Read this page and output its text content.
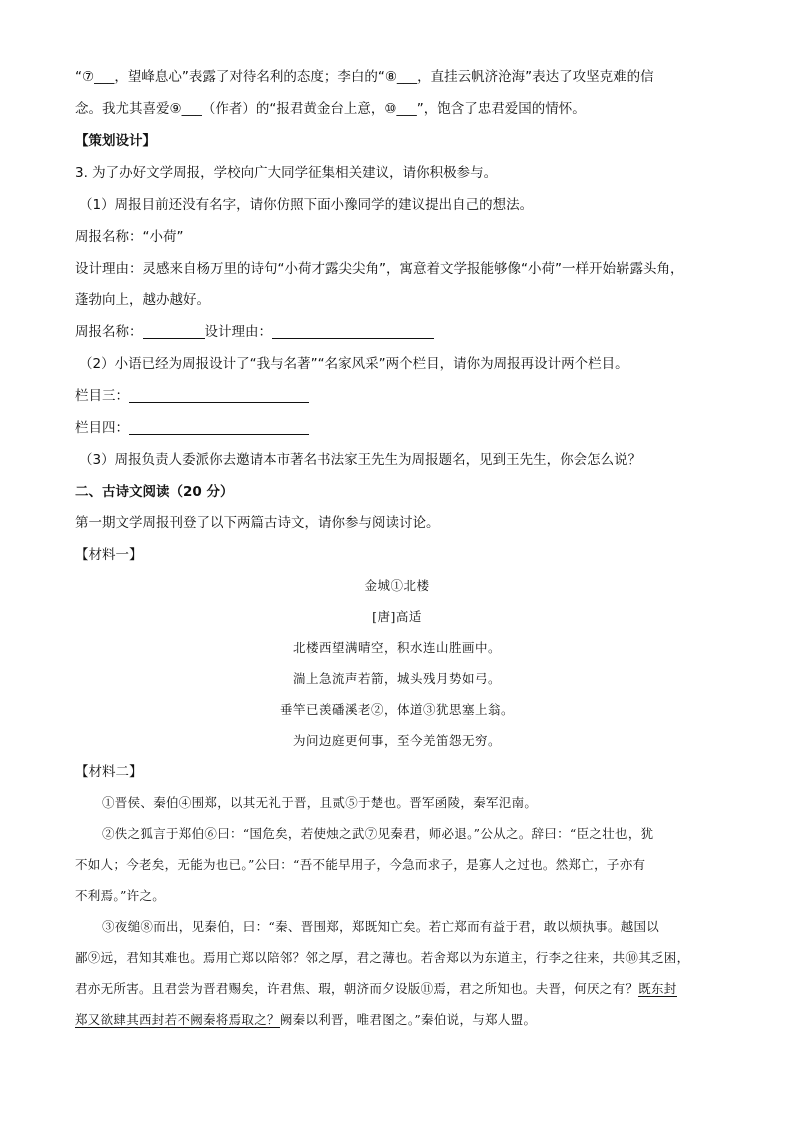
“⑦___，望峰息心”表露了对待名利的态度；李白的“⑧___，直挂云帆济沧海”表达了攻坚克难的信
念。我尤其喜爱⑨___（作者）的“报君黄金台上意，⑩___”，饱含了忠君爱国的情怀。
【策划设计】
3. 为了办好文学周报，学校向广大同学征集相关建议，请你积极参与。
（1）周报目前还没有名字，请你仿照下面小豫同学的建议提出自己的想法。
周报名称：“小荷”
设计理由：灵感来自杨万里的诗句“小荷才露尖尖角”，寓意着文学报能够像“小荷”一样开始崭露头角，
蓬勃向上，越办越好。
周报名称：	设计理由：
（2）小语已经为周报设计了“我与名著”“名家风采”两个栏目，请你为周报再设计两个栏目。
栏目三：
栏目四：
（3）周报负责人委派你去邀请本市著名书法家王先生为周报题名，见到王先生，你会怎么说？
二、古诗文阅读（20 分）
第一期文学周报刊登了以下两篇古诗文，请你参与阅读讨论。
【材料一】
金城①北楼
[唐]高适
北楼西望满晴空，积水连山胜画中。
湍上急流声若箭，城头残月势如弓。
垂竿已羡磻溪老②，体道③犹思塞上翁。
为问边庭更何事，至今羌笛怨无穷。
【材料二】
①晋侯、秦伯④围郑，以其无礼于晋，且贰⑤于楚也。晋军函陵，秦军氾南。
②佚之狐言于郑伯⑥曰：“国危矣，若使烛之武⑦见秦君，师必退。”公从之。辞曰：“臣之壮也，犹
不如人；今老矣，无能为也已。”公曰：“吾不能早用子，今急而求子，是寡人之过也。然郑亡，子亦有
不利焉。”许之。
③夜缒⑧而出，见秦伯，曰：“秦、晋围郑，郑既知亡矣。若亡郑而有益于君，敢以烦执事。越国以
鄙⑨远，君知其难也。焉用亡郑以陪邻？邻之厚，君之薄也。若舍郑以为东道主，行李之往来，共⑩其乏困，
君亦无所害。且君尝为晋君赐矣，许君焦、瑕，朝济而夕设版⑪焉，君之所知也。夫晋，何厌之有？既东封
郑又欲肆其西封若不阙秦将焉取之？阙秦以利晋，唯君图之。”秦伯说，与郑人盟。
